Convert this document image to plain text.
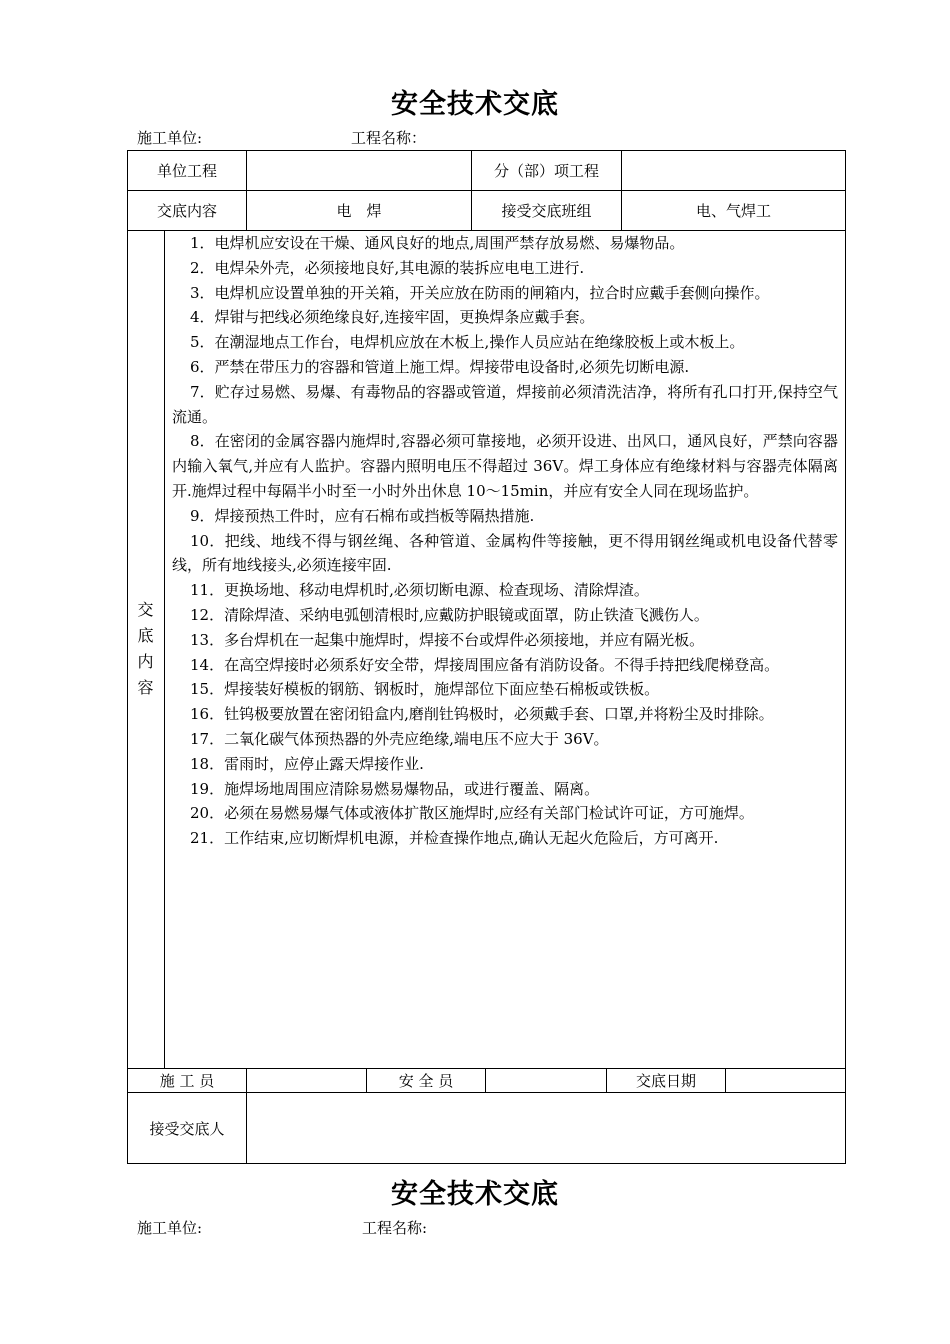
安全技术交底
施工单位:	工程名称：
单位工程	分（部）项工程
交底内容	电　焊	接受交底班组	电、气焊工
交
底
内
容

1．电焊机应安设在干燥、通风良好的地点,周围严禁存放易燃、易爆物品。

2．电焊朵外壳，必须接地良好,其电源的装拆应电电工进行.

3．电焊机应设置单独的开关箱，开关应放在防雨的闸箱内，拉合时应戴手套侧向操作。

4．焊钳与把线必须绝缘良好,连接牢固，更换焊条应戴手套。

5．在潮湿地点工作台，电焊机应放在木板上,操作人员应站在绝缘胶板上或木板上。

6．严禁在带压力的容器和管道上施工焊。焊接带电设备时,必须先切断电源.

7．贮存过易燃、易爆、有毒物品的容器或管道，焊接前必须清洗洁净，将所有孔口打开,保持空气流通。

8．在密闭的金属容器内施焊时,容器必须可靠接地，必须开设进、出风口，通风良好，严禁向容器内输入氧气,并应有人监护。容器内照明电压不得超过 36V。焊工身体应有绝缘材料与容器壳体隔离开.施焊过程中每隔半小时至一小时外出休息 10～15min，并应有安全人同在现场监护。

9．焊接预热工件时，应有石棉布或挡板等隔热措施.

10．把线、地线不得与钢丝绳、各种管道、金属构件等接触，更不得用钢丝绳或机电设备代替零线，所有地线接头,必须连接牢固.

11．更换场地、移动电焊机时,必须切断电源、检查现场、清除焊渣。

12．清除焊渣、采纳电弧刨清根时,应戴防护眼镜或面罩，防止铁渣飞溅伤人。

13．多台焊机在一起集中施焊时，焊接不台或焊件必须接地，并应有隔光板。

14．在高空焊接时必须系好安全带，焊接周围应备有消防设备。不得手持把线爬梯登高。

15．焊接装好模板的钢筋、钢板时，施焊部位下面应垫石棉板或铁板。

16．钍钨极要放置在密闭铅盒内,磨削钍钨极时，必须戴手套、口罩,并将粉尘及时排除。

17．二氧化碳气体预热器的外壳应绝缘,端电压不应大于 36V。

18．雷雨时，应停止露天焊接作业.

19．施焊场地周围应清除易燃易爆物品，或进行覆盖、隔离。

20．必须在易燃易爆气体或液体扩散区施焊时,应经有关部门检试许可证，方可施焊。

21．工作结束,应切断焊机电源，并检查操作地点,确认无起火危险后，方可离开.

施 工 员	安 全 员	交底日期
接受交底人
安全技术交底
施工单位:	工程名称:
